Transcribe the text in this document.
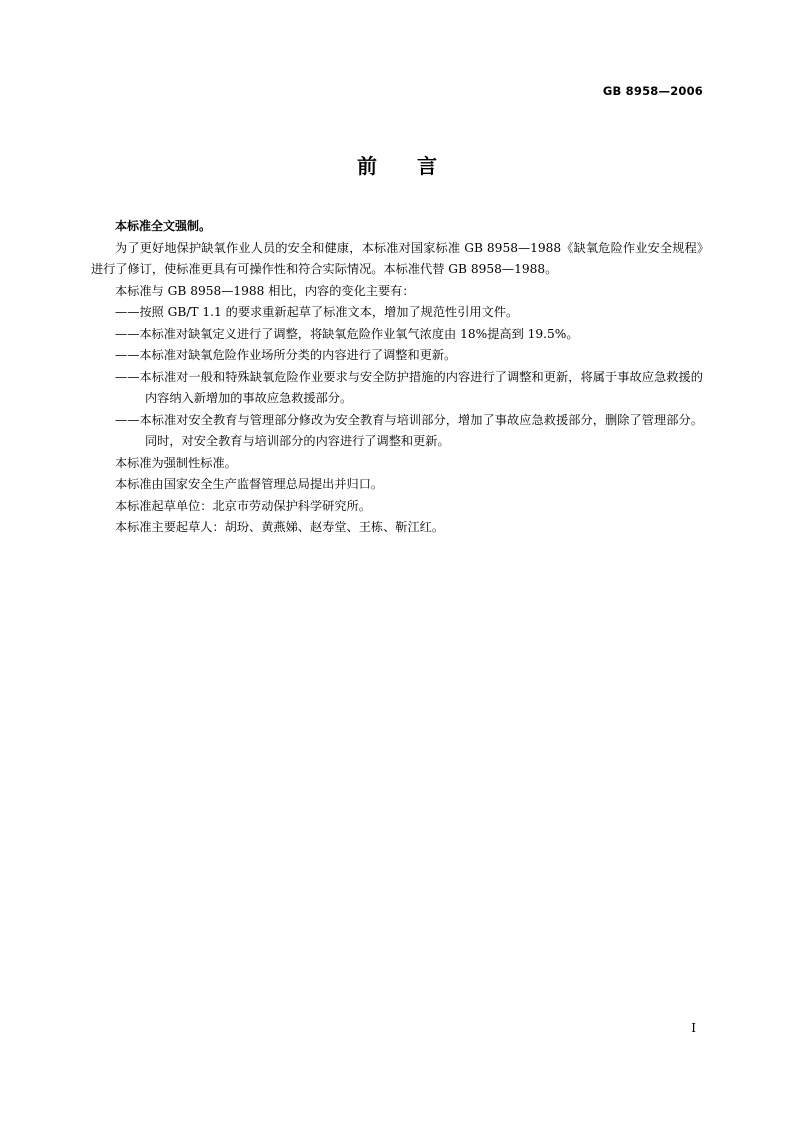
GB 8958—2006
前言

本标准全文强制。

为了更好地保护缺氧作业人员的安全和健康，本标准对国家标准 GB 8958—1988《缺氧危险作业安全规程》进行了修订，使标准更具有可操作性和符合实际情况。本标准代替 GB 8958—1988。

本标准与 GB 8958—1988 相比，内容的变化主要有：

——按照 GB/T 1.1 的要求重新起草了标准文本，增加了规范性引用文件。

——本标准对缺氧定义进行了调整，将缺氧危险作业氧气浓度由 18%提高到 19.5%。

——本标准对缺氧危险作业场所分类的内容进行了调整和更新。

——本标准对一般和特殊缺氧危险作业要求与安全防护措施的内容进行了调整和更新，将属于事故应急救援的内容纳入新增加的事故应急救援部分。

——本标准对安全教育与管理部分修改为安全教育与培训部分，增加了事故应急救援部分，删除了管理部分。同时，对安全教育与培训部分的内容进行了调整和更新。

本标准为强制性标准。

本标准由国家安全生产监督管理总局提出并归口。

本标准起草单位：北京市劳动保护科学研究所。

本标准主要起草人：胡玢、黄燕娣、赵寿堂、王栋、靳江红。

I
